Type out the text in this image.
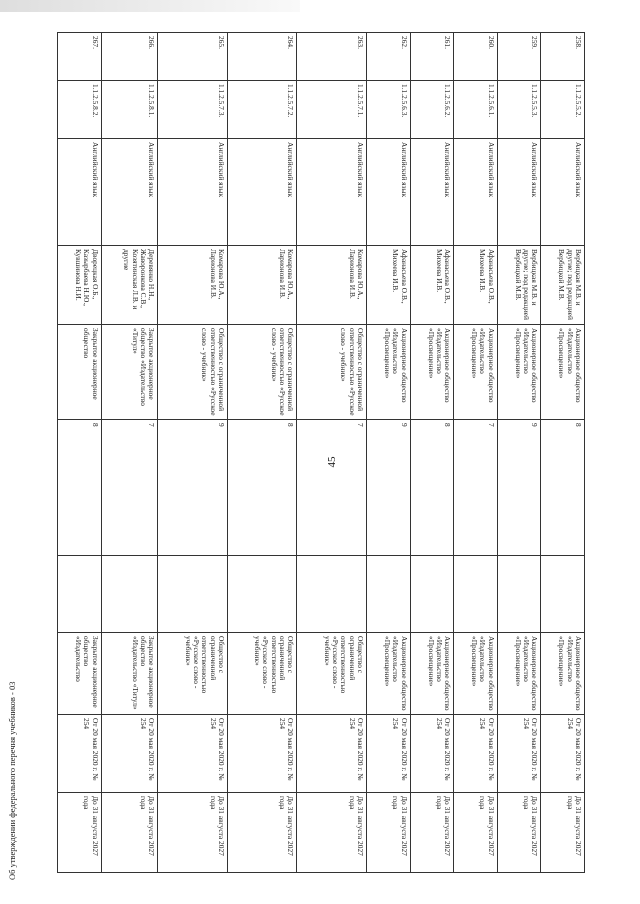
258.	1.1.2.5.5.2.	Английский язык	Вербицкая М.В. и другие; под редакцией Вербицкой М.В.	Акционерное общество «Издательство «Просвещение»	8		Акционерное общество «Издательство «Просвещение»	От 20 мая 2020 г. № 254	До 31 августа 2027 года
259.	1.1.2.5.5.3.	Английский язык	Вербицкая М.В. и другие; под редакцией Вербицкой М.В.	Акционерное общество «Издательство «Просвещение»	9		Акционерное общество «Издательство «Просвещение»	От 20 мая 2020 г. № 254	До 31 августа 2027 года
260.	1.1.2.5.6.1.	Английский язык	Афанасьева О.В., Михеева И.В.	Акционерное общество «Издательство «Просвещение»	7		Акционерное общество «Издательство «Просвещение»	От 20 мая 2020 г. № 254	До 31 августа 2027 года
261.	1.1.2.5.6.2.	Английский язык	Афанасьева О.В., Михеева И.В.	Акционерное общество «Издательство «Просвещение»	8		Акционерное общество «Издательство «Просвещение»	От 20 мая 2020 г. № 254	До 31 августа 2027 года
262.	1.1.2.5.6.3.	Английский язык	Афанасьева О.В., Михеева И.В.	Акционерное общество «Издательство «Просвещение»	9		Акционерное общество «Издательство «Просвещение»	От 20 мая 2020 г. № 254	До 31 августа 2027 года
263.	1.1.2.5.7.1.	Английский язык	Комарова Ю.А., Ларионова И.В.	Общество с ограниченной ответственностью «Русское слово - учебник»	7		Общество с ограниченной ответственностью «Русское слово - учебник»	От 20 мая 2020 г. № 254	До 31 августа 2027 года
264.	1.1.2.5.7.2.	Английский язык	Комарова Ю.А., Ларионова И.В.	Общество с ограниченной ответственностью «Русское слово - учебник»	8		Общество с ограниченной ответственностью «Русское слово - учебник»	От 20 мая 2020 г. № 254	До 31 августа 2027 года
265.	1.1.2.5.7.3.	Английский язык	Комарова Ю.А., Ларионова И.В.	Общество с ограниченной ответственностью «Русское слово - учебник»	9		Общество с ограниченной ответственностью «Русское слово - учебник»	От 20 мая 2020 г. № 254	До 31 августа 2027 года
266.	1.1.2.5.8.1.	Английский язык	Деревянко Н.Н., Жаворонкова С.В., Козятинская Л.В. и другие	Закрытое акционерное общество «Издательство «Титул»	7		Закрытое акционерное общество «Издательство «Титул»	От 20 мая 2020 г. № 254	До 31 августа 2027 года
267.	1.1.2.5.8.2.	Английский язык	Дворецкая О.Б., Казырбаева Н.Ю., Кувшинова Н.И.	Закрытое акционерное общество	8		Закрытое акционерное общество «Издательство	От 20 мая 2020 г. № 254	До 31 августа 2027 года
45
Об утверждении федерального перечня учебников - 03
